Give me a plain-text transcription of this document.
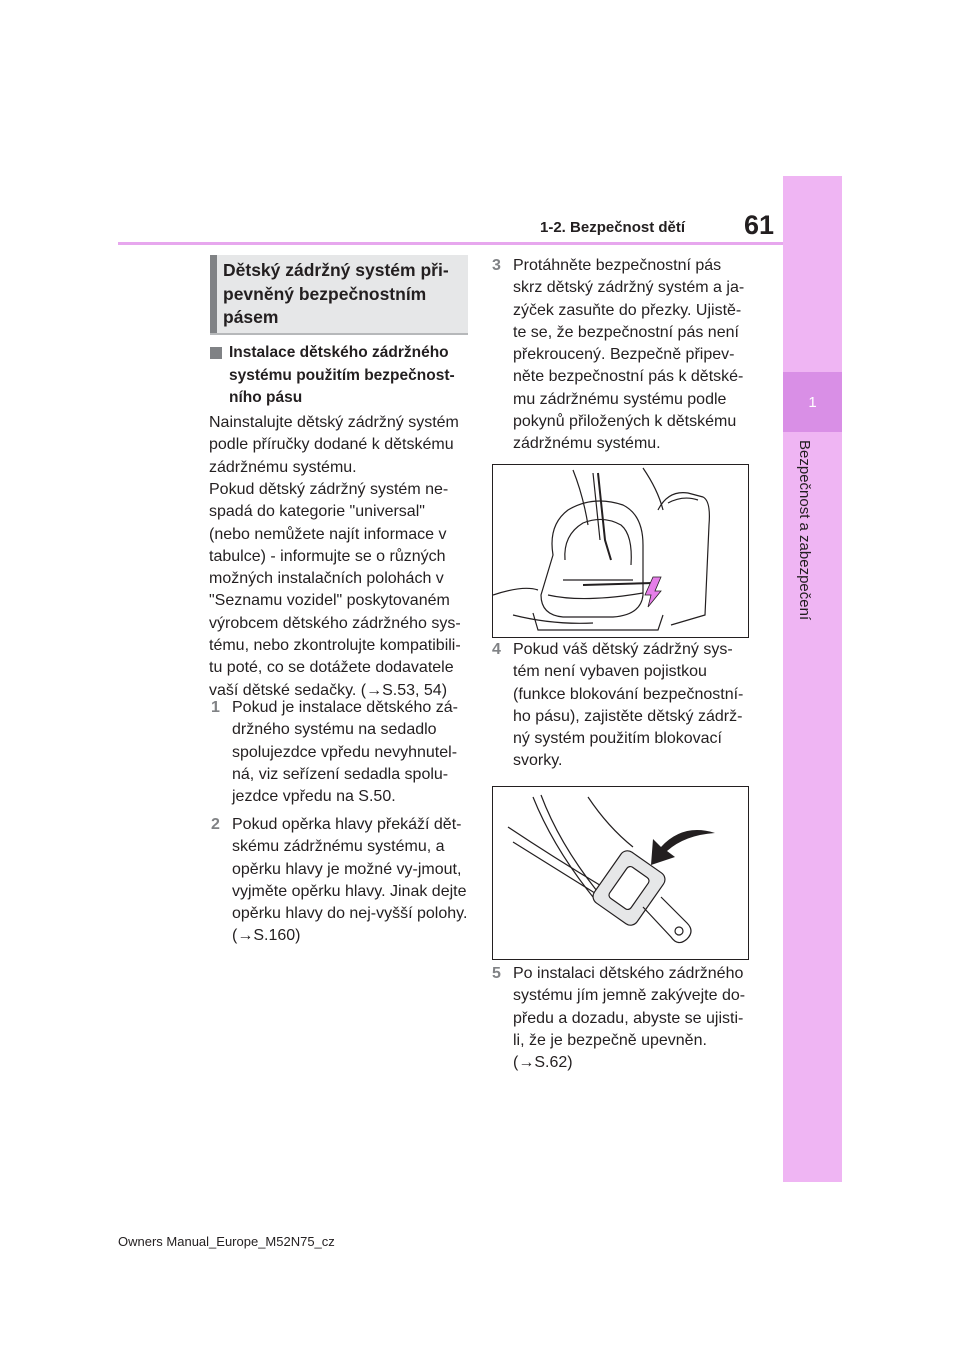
1
Bezpečnost a zabezpečení
1-2. Bezpečnost dětí 61
Dětský zádržný systém při-pevněný bezpečnostním pásem
Instalace dětského zádržného systému použitím bezpečnost-ního pásu
Nainstalujte dětský zádržný systém podle příručky dodané k dětskému zádržnému systému.
Pokud dětský zádržný systém ne-spadá do kategorie "universal" (nebo nemůžete najít informace v tabulce) - informujte se o různých možných instalačních polohách v "Seznamu vozidel" poskytovaném výrobcem dětského zádržného sys-tému, nebo zkontrolujte kompatibili-tu poté, co se dotážete dodavatele vaší dětské sedačky. (→S.53, 54)
1 Pokud je instalace dětského zá-držného systému na sedadlo spolujezdce vpředu nevyhnutel-ná, viz seřízení sedadla spolu-jezdce vpředu na S.50.
2 Pokud opěrka hlavy překáží dět-skému zádržnému systému, a opěrku hlavy je možné vy-jmout, vyjměte opěrku hlavy. Jinak dejte opěrku hlavy do nej-vyšší polohy. (→S.160)
3 Protáhněte bezpečnostní pás skrz dětský zádržný systém a ja-zýček zasuňte do přezky. Ujistě-te se, že bezpečnostní pás není překroucený. Bezpečně připev-něte bezpečnostní pás k dětské-mu zádržnému systému podle pokynů přiložených k dětskému zádržnému systému.
4 Pokud váš dětský zádržný sys-tém není vybaven pojistkou (funkce blokování bezpečnostní-ho pásu), zajistěte dětský zádrž-ný systém použitím blokovací svorky.
5 Po instalaci dětského zádržného systému jím jemně zakývejte do-předu a dozadu, abyste se ujisti-li, že je bezpečně upevněn. (→S.62)
Owners Manual_Europe_M52N75_cz
